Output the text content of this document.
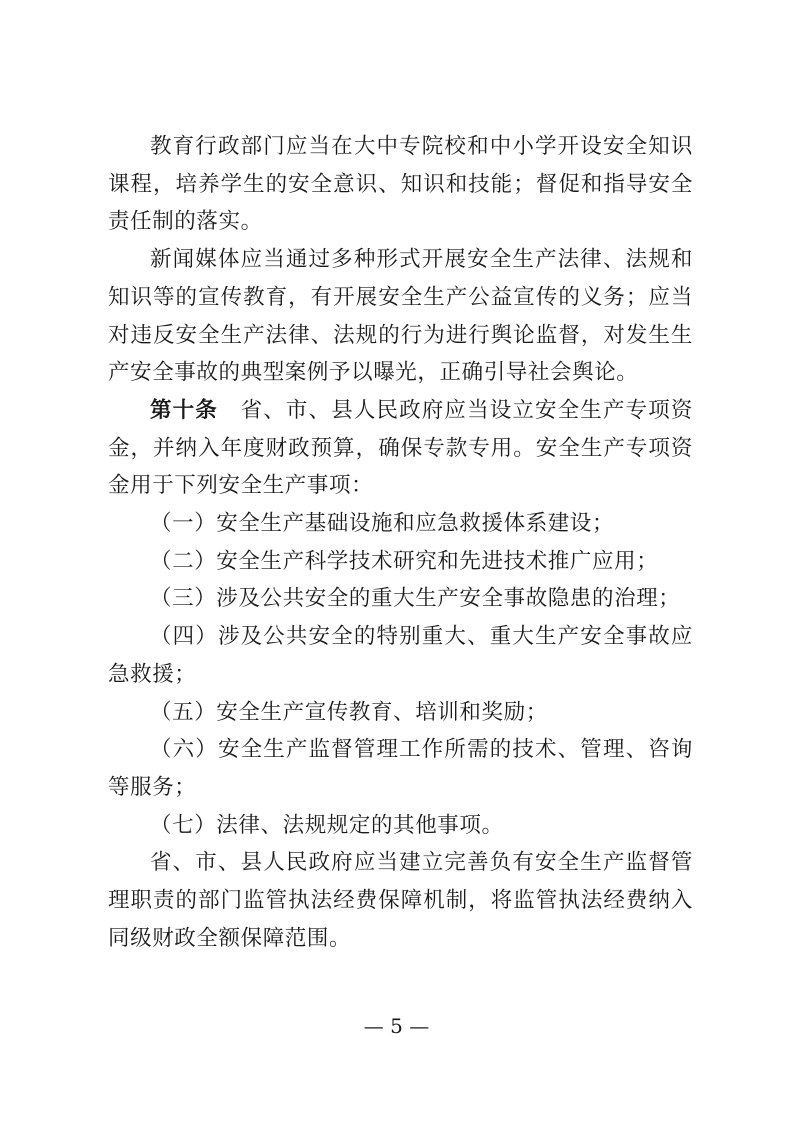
教育行政部门应当在大中专院校和中小学开设安全知识课程，培养学生的安全意识、知识和技能；督促和指导安全责任制的落实。

新闻媒体应当通过多种形式开展安全生产法律、法规和知识等的宣传教育，有开展安全生产公益宣传的义务；应当对违反安全生产法律、法规的行为进行舆论监督，对发生生产安全事故的典型案例予以曝光，正确引导社会舆论。

第十条　省、市、县人民政府应当设立安全生产专项资金，并纳入年度财政预算，确保专款专用。安全生产专项资金用于下列安全生产事项：

（一）安全生产基础设施和应急救援体系建设；

（二）安全生产科学技术研究和先进技术推广应用；

（三）涉及公共安全的重大生产安全事故隐患的治理；

（四）涉及公共安全的特别重大、重大生产安全事故应急救援；

（五）安全生产宣传教育、培训和奖励；

（六）安全生产监督管理工作所需的技术、管理、咨询等服务；

（七）法律、法规规定的其他事项。

省、市、县人民政府应当建立完善负有安全生产监督管理职责的部门监管执法经费保障机制，将监管执法经费纳入同级财政全额保障范围。

— 5 —
